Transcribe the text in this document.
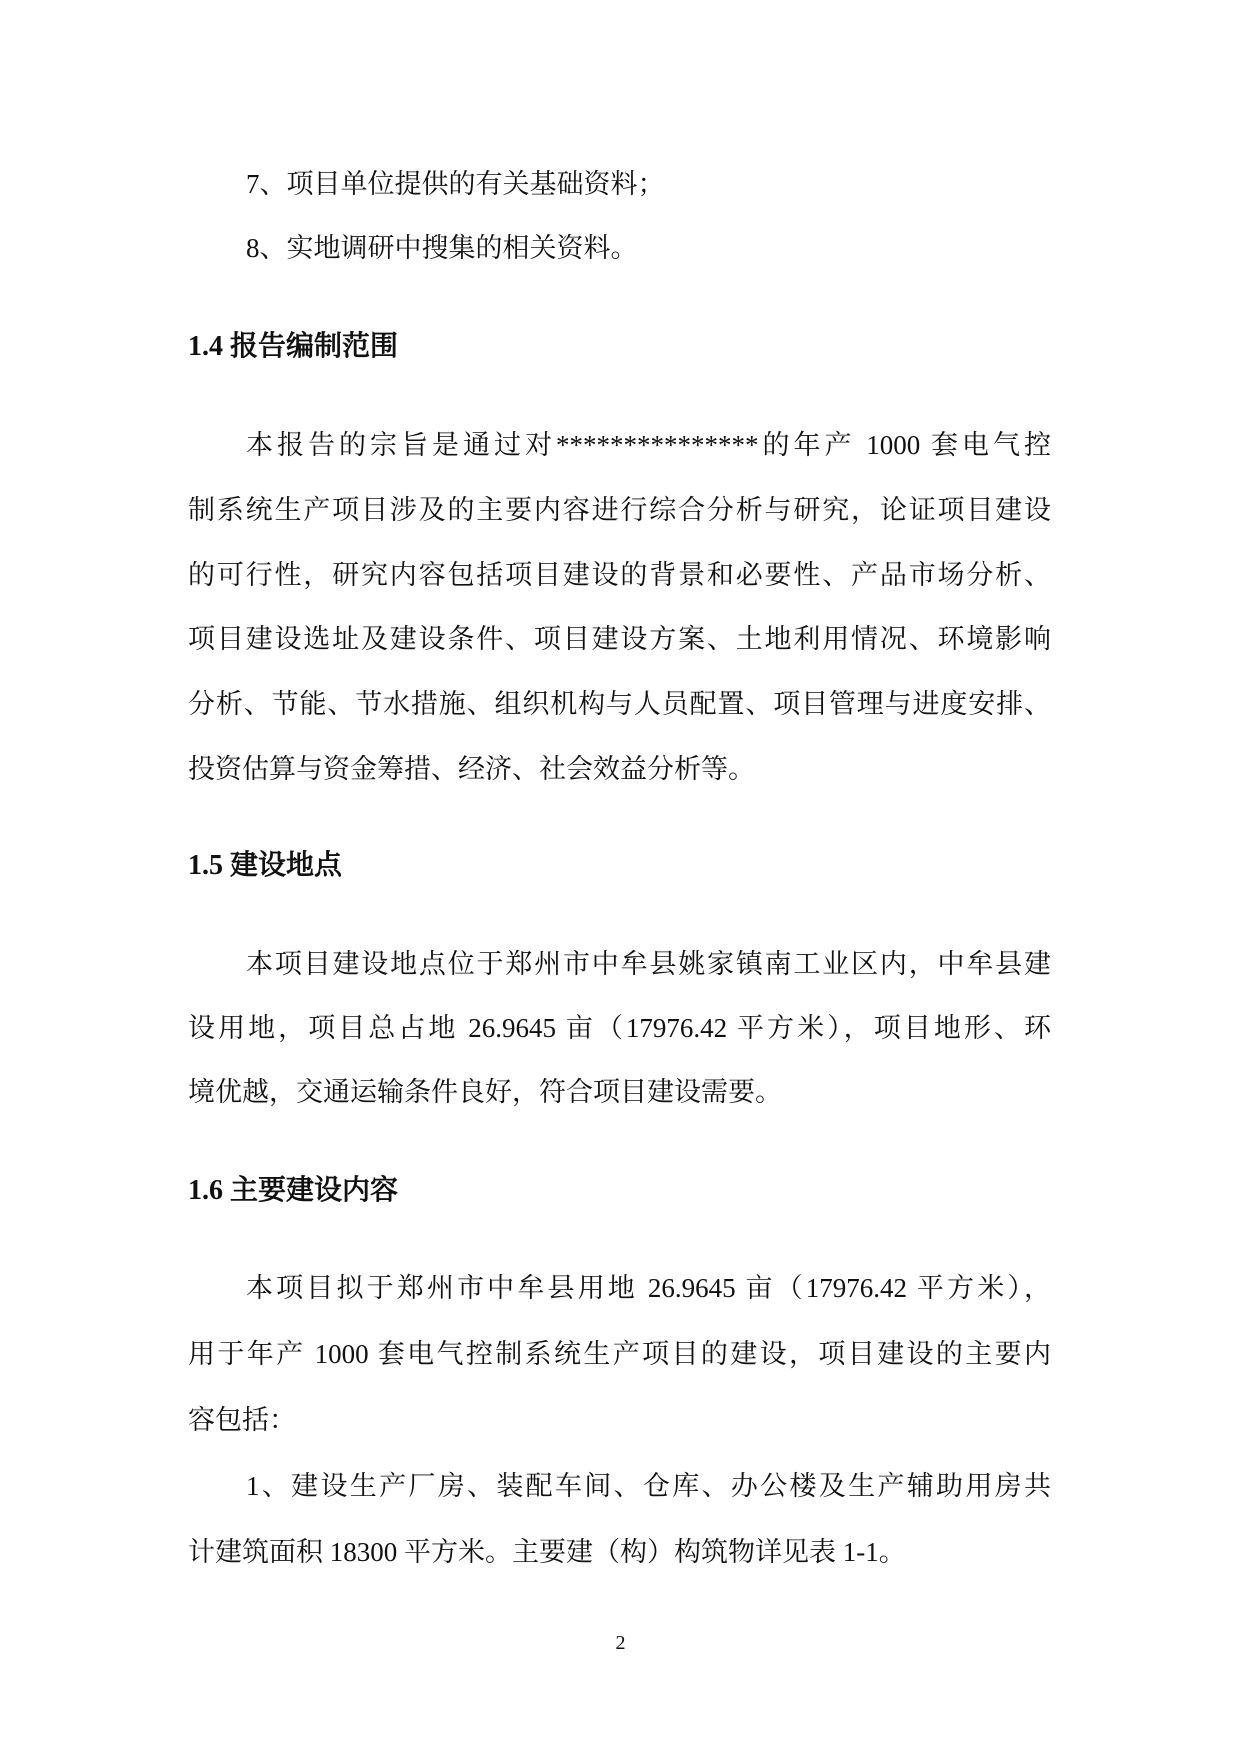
7、项目单位提供的有关基础资料；
8、实地调研中搜集的相关资料。
1.4 报告编制范围
本报告的宗旨是通过对***************的年产 1000 套电气控
制系统生产项目涉及的主要内容进行综合分析与研究，论证项目建设
的可行性，研究内容包括项目建设的背景和必要性、产品市场分析、
项目建设选址及建设条件、项目建设方案、土地利用情况、环境影响
分析、节能、节水措施、组织机构与人员配置、项目管理与进度安排、
投资估算与资金筹措、经济、社会效益分析等。
1.5 建设地点
本项目建设地点位于郑州市中牟县姚家镇南工业区内，中牟县建
设用地，项目总占地 26.9645 亩（17976.42 平方米），项目地形、环
境优越，交通运输条件良好，符合项目建设需要。
1.6 主要建设内容
本项目拟于郑州市中牟县用地 26.9645 亩（17976.42 平方米），
用于年产 1000 套电气控制系统生产项目的建设，项目建设的主要内
容包括：
1、建设生产厂房、装配车间、仓库、办公楼及生产辅助用房共
计建筑面积 18300 平方米。主要建（构）构筑物详见表 1-1。
2
